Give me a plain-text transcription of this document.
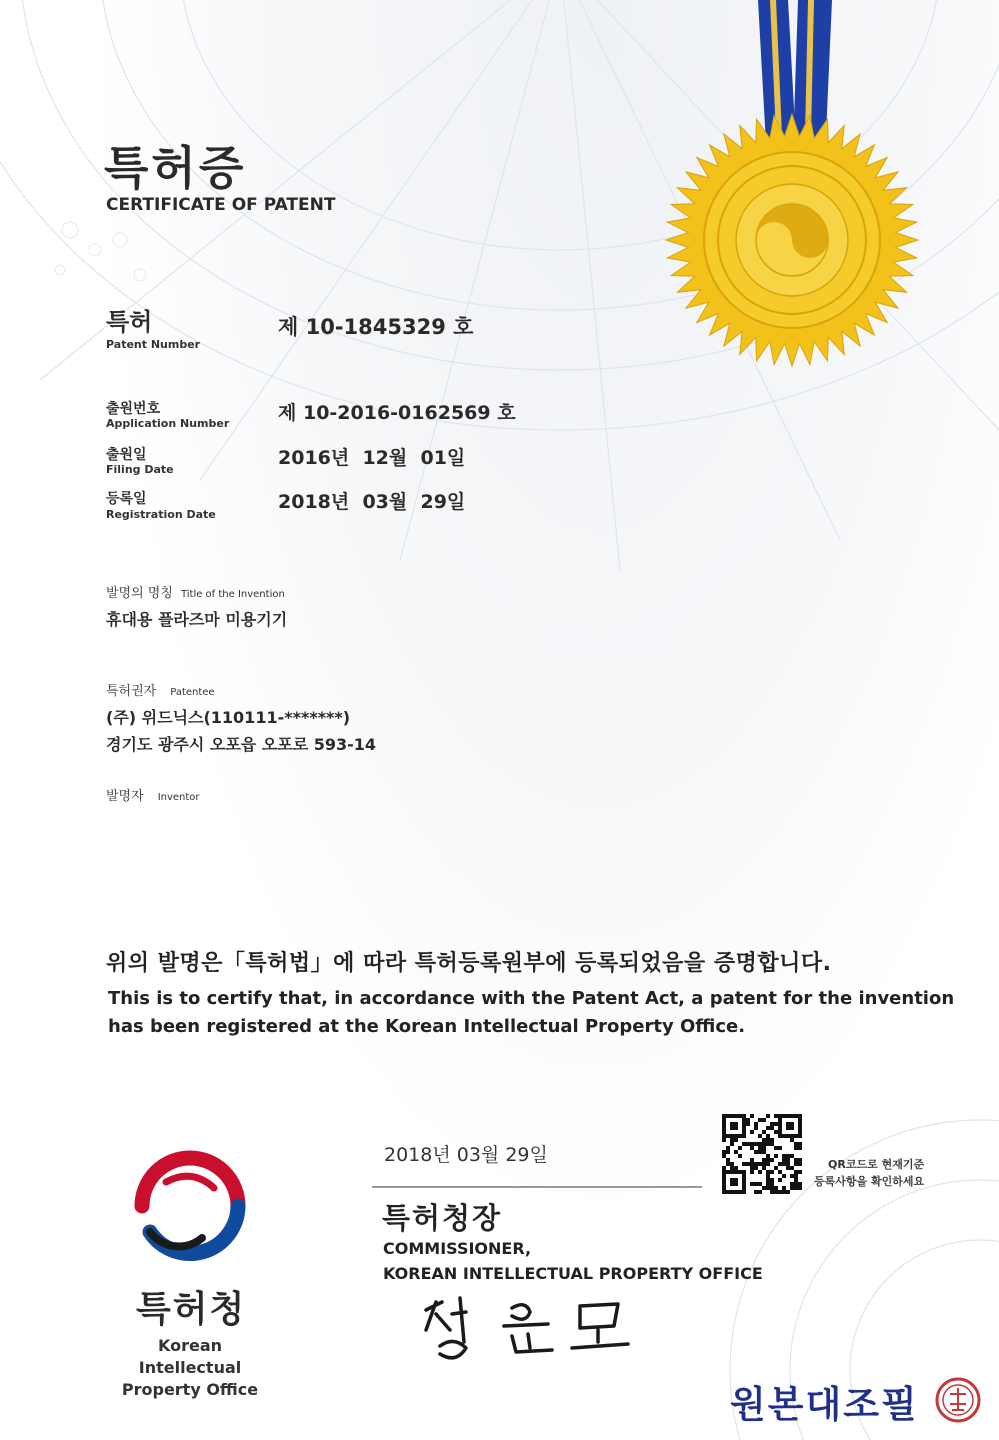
특허증
CERTIFICATE OF PATENT
특허
Patent Number
제 10-1845329 호
출원번호
Application Number	제 10-2016-0162569 호
출원일
Filing Date
2016년  12월  01일
등록일
Registration Date
2018년  03월  29일
발명의 명칭 Title of the Invention
휴대용 플라즈마 미용기기
특허권자 Patentee
(주) 위드닉스(110111-*******)
경기도 광주시 오포읍 오포로 593-14
발명자 Inventor
위의 발명은「특허법」에 따라 특허등록원부에 등록되었음을 증명합니다.
This is to certify that, in accordance with the Patent Act, a patent for the invention has been registered at the Korean Intellectual Property Office.
2018년 03월 29일
특허청장
COMMISSIONER,
KOREAN INTELLECTUAL PROPERTY OFFICE
QR코드로 현재기준
등록사항을 확인하세요
특허청
Korean Intellectual Property Office	원본대조필
